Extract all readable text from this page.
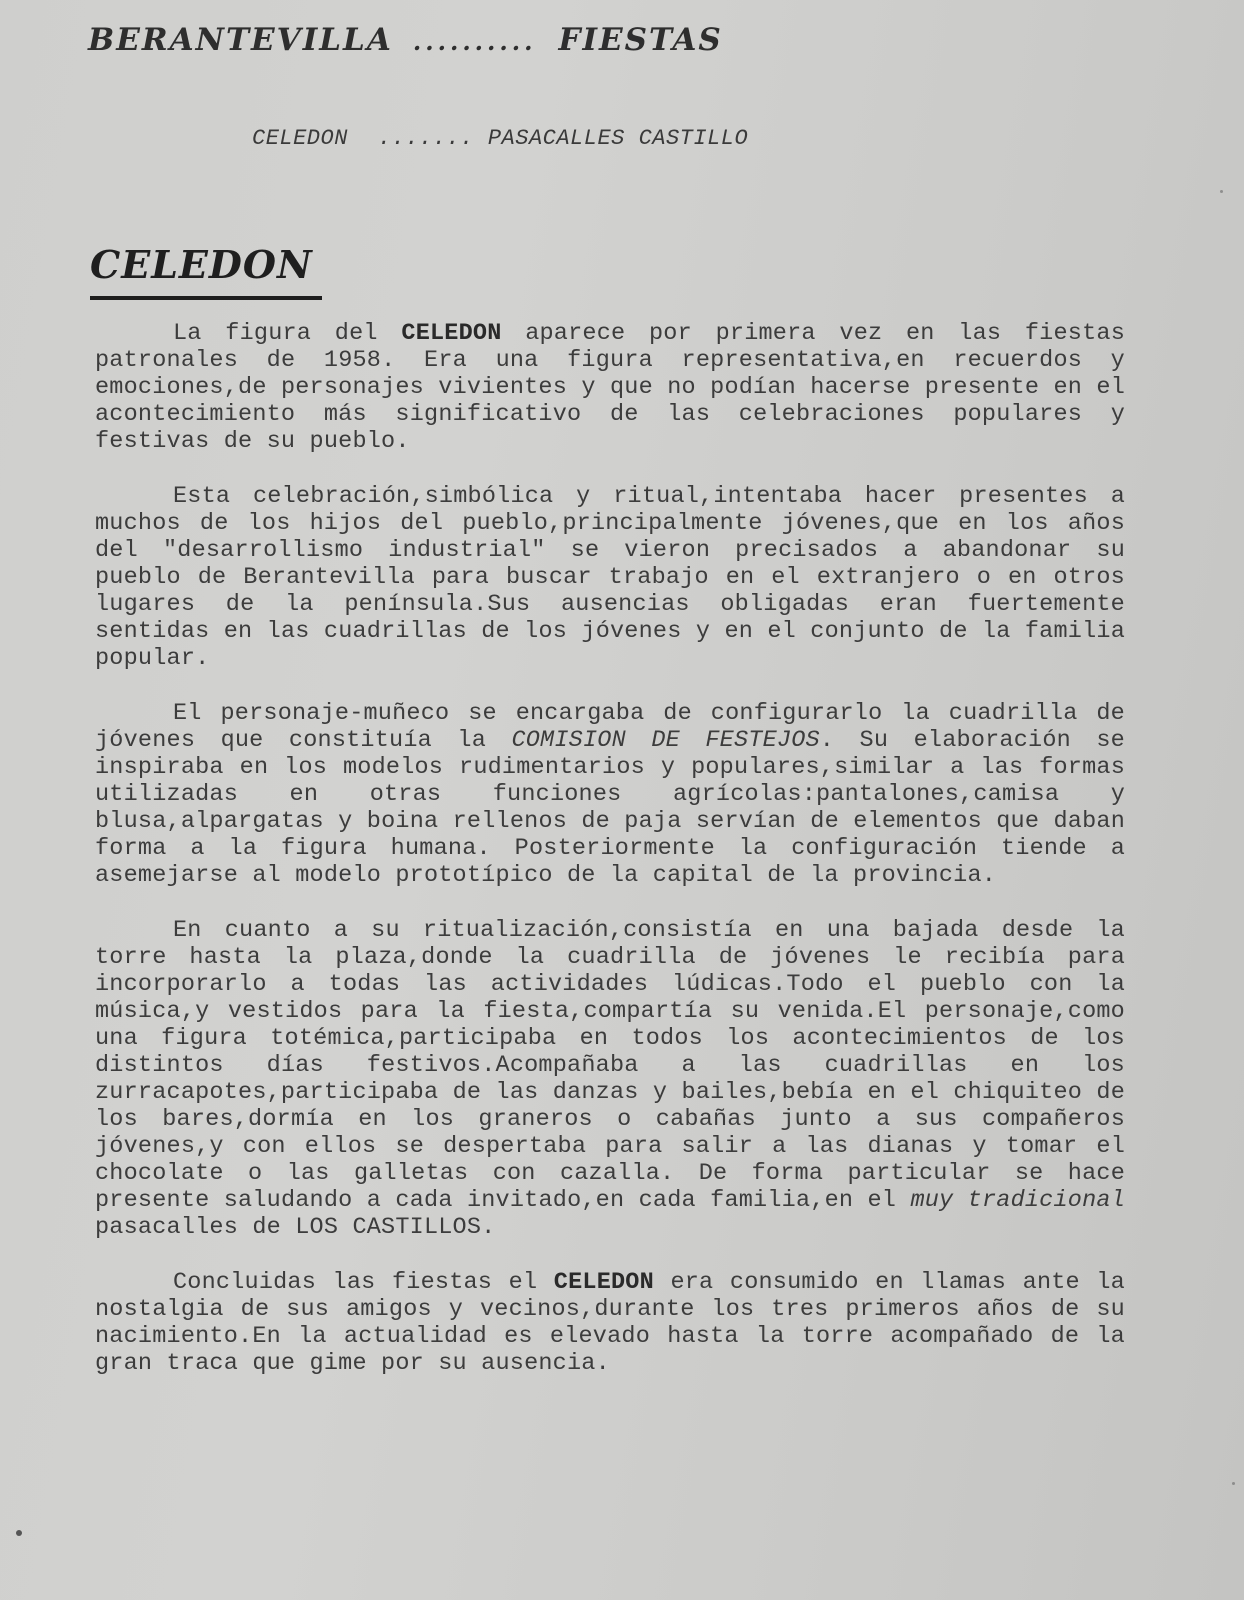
BERANTEVILLA .......... FIESTAS
CELEDON ....... PASACALLES CASTILLO
CELEDON

La figura del CELEDON aparece por primera vez en las fiestas patronales de 1958. Era una figura representativa,en recuerdos y emociones,de personajes vivientes y que no podían hacerse presente en el acontecimiento más significativo de las celebraciones populares y festivas de su pueblo.

Esta celebración,simbólica y ritual,intentaba hacer presentes a muchos de los hijos del pueblo,principalmente jóvenes,que en los años del "desarrollismo industrial" se vieron precisados a abandonar su pueblo de Berantevilla para buscar trabajo en el extranjero o en otros lugares de la península.Sus ausencias obligadas eran fuertemente sentidas en las cuadrillas de los jóvenes y en el conjunto de la familia popular.

El personaje-muñeco se encargaba de configurarlo la cuadrilla de jóvenes que constituía la COMISION DE FESTEJOS. Su elaboración se inspiraba en los modelos rudimentarios y populares,similar a las formas utilizadas en otras funciones agrícolas:pantalones,camisa y blusa,alpargatas y boina rellenos de paja servían de elementos que daban forma a la figura humana. Posteriormente la configuración tiende a asemejarse al modelo prototípico de la capital de la provincia.

En cuanto a su ritualización,consistía en una bajada desde la torre hasta la plaza,donde la cuadrilla de jóvenes le recibía para incorporarlo a todas las actividades lúdicas.Todo el pueblo con la música,y vestidos para la fiesta,compartía su venida.El personaje,como una figura totémica,participaba en todos los acontecimientos de los distintos días festivos.Acompañaba a las cuadrillas en los zurracapotes,participaba de las danzas y bailes,bebía en el chiquiteo de los bares,dormía en los graneros o cabañas junto a sus compañeros jóvenes,y con ellos se despertaba para salir a las dianas y tomar el chocolate o las galletas con cazalla. De forma particular se hace presente saludando a cada invitado,en cada familia,en el muy tradicional pasacalles de LOS CASTILLOS.

Concluidas las fiestas el CELEDON era consumido en llamas ante la nostalgia de sus amigos y vecinos,durante los tres primeros años de su nacimiento.En la actualidad es elevado hasta la torre acompañado de la gran traca que gime por su ausencia.
